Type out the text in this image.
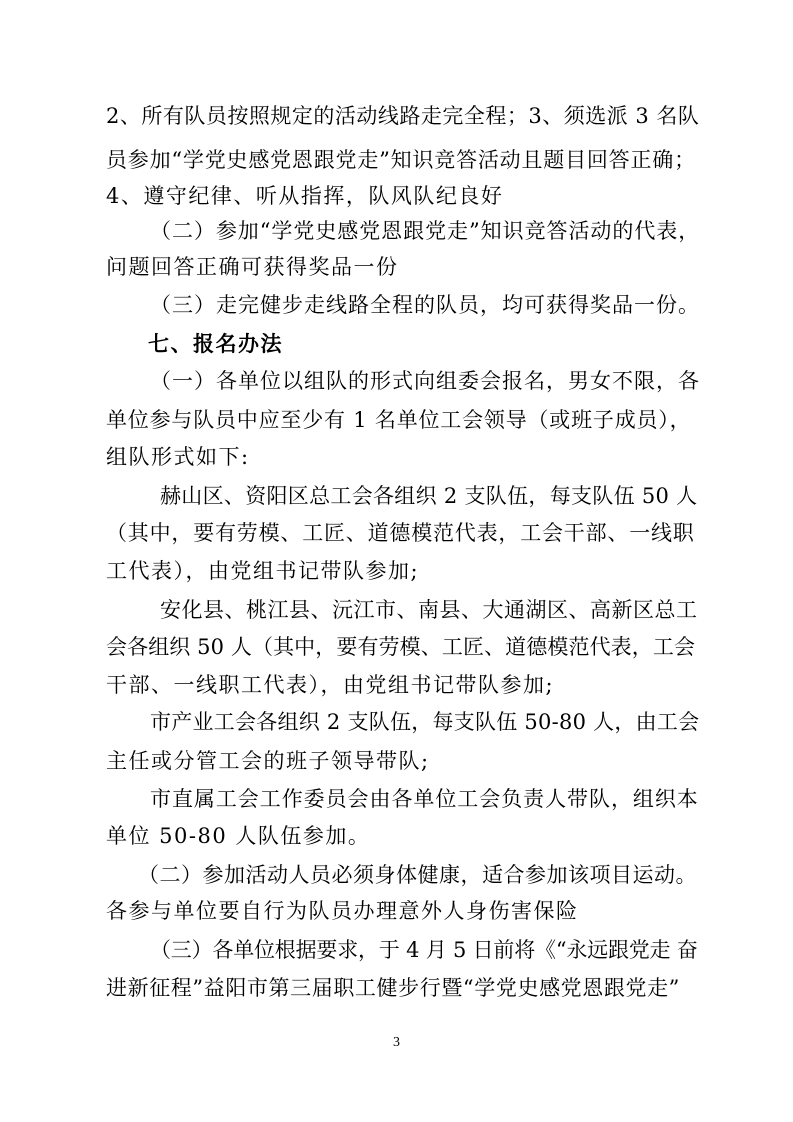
2、所有队员按照规定的活动线路走完全程；3、须选派 3 名队
员参加“学党史感党恩跟党走”知识竞答活动且题目回答正确；
4、遵守纪律、听从指挥，队风队纪良好
（二）参加“学党史感党恩跟党走”知识竞答活动的代表，
问题回答正确可获得奖品一份
（三）走完健步走线路全程的队员，均可获得奖品一份。
七、报名办法
（一）各单位以组队的形式向组委会报名，男女不限，各
单位参与队员中应至少有 1 名单位工会领导（或班子成员），
组队形式如下:
赫山区、资阳区总工会各组织 2 支队伍，每支队伍 50 人
（其中，要有劳模、工匠、道德模范代表，工会干部、一线职
工代表），由党组书记带队参加;
安化县、桃江县、沅江市、南县、大通湖区、高新区总工
会各组织 50 人（其中，要有劳模、工匠、道德模范代表，工会
干部、一线职工代表），由党组书记带队参加;
市产业工会各组织 2 支队伍，每支队伍 50-80 人，由工会
主任或分管工会的班子领导带队;
市直属工会工作委员会由各单位工会负责人带队，组织本
单位 50-80 人队伍参加。
（二）参加活动人员必须身体健康，适合参加该项目运动。
各参与单位要自行为队员办理意外人身伤害保险
（三）各单位根据要求，于 4 月 5 日前将《“永远跟党走 奋
进新征程”益阳市第三届职工健步行暨“学党史感党恩跟党走”
3
